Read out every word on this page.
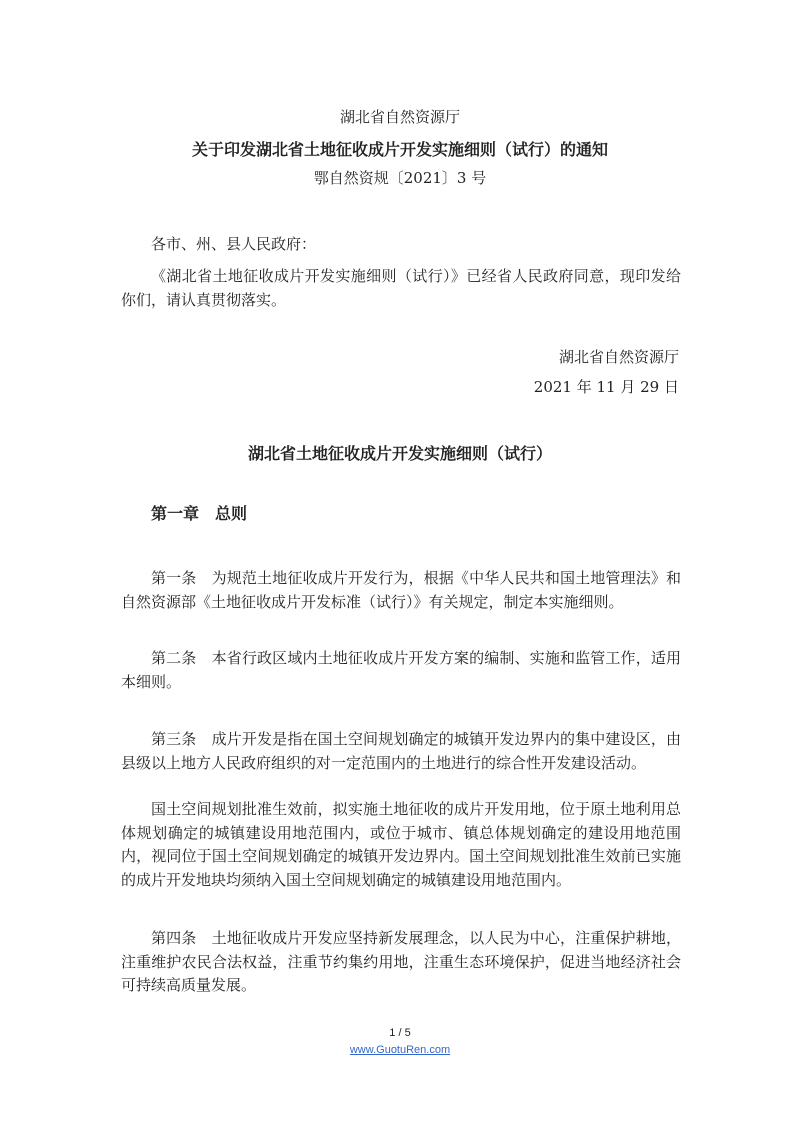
湖北省自然资源厅
关于印发湖北省土地征收成片开发实施细则（试行）的通知
鄂自然资规〔2021〕3 号
各市、州、县人民政府：
《湖北省土地征收成片开发实施细则（试行）》已经省人民政府同意，现印发给你们，请认真贯彻落实。
湖北省自然资源厅
2021 年 11 月 29 日
湖北省土地征收成片开发实施细则（试行）
第一章　总则
第一条　为规范土地征收成片开发行为，根据《中华人民共和国土地管理法》和自然资源部《土地征收成片开发标准（试行）》有关规定，制定本实施细则。
第二条　本省行政区域内土地征收成片开发方案的编制、实施和监管工作，适用本细则。
第三条　成片开发是指在国土空间规划确定的城镇开发边界内的集中建设区，由县级以上地方人民政府组织的对一定范围内的土地进行的综合性开发建设活动。
国土空间规划批准生效前，拟实施土地征收的成片开发用地，位于原土地利用总体规划确定的城镇建设用地范围内，或位于城市、镇总体规划确定的建设用地范围内，视同位于国土空间规划确定的城镇开发边界内。国土空间规划批准生效前已实施的成片开发地块均须纳入国土空间规划确定的城镇建设用地范围内。
第四条　土地征收成片开发应坚持新发展理念，以人民为中心，注重保护耕地，注重维护农民合法权益，注重节约集约用地，注重生态环境保护，促进当地经济社会可持续高质量发展。
1 / 5
www.GuotuRen.com
